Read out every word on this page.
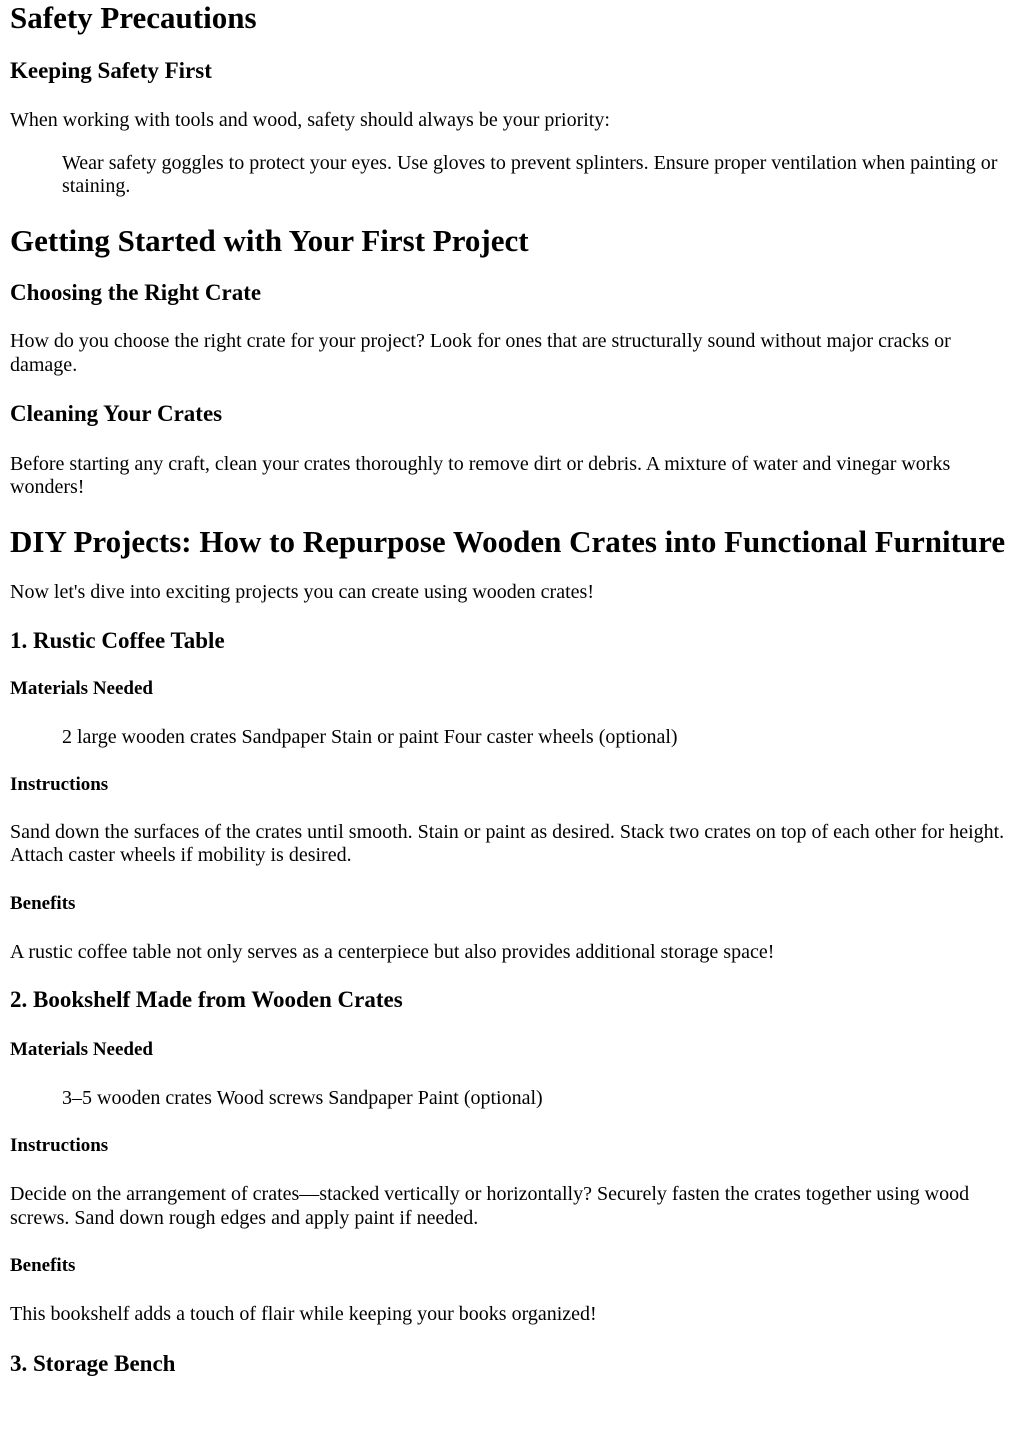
Safety Precautions
Keeping Safety First

When working with tools and wood, safety should always be your priority:

Wear safety goggles to protect your eyes. Use gloves to prevent splinters. Ensure proper ventilation when painting or staining.
Getting Started with Your First Project
Choosing the Right Crate

How do you choose the right crate for your project? Look for ones that are structurally sound without major cracks or damage.

Cleaning Your Crates

Before starting any craft, clean your crates thoroughly to remove dirt or debris. A mixture of water and vinegar works wonders!

DIY Projects: How to Repurpose Wooden Crates into Functional Furniture

Now let's dive into exciting projects you can create using wooden crates!

1. Rustic Coffee Table
Materials Needed
2 large wooden crates Sandpaper Stain or paint Four caster wheels (optional)
Instructions

Sand down the surfaces of the crates until smooth. Stain or paint as desired. Stack two crates on top of each other for height. Attach caster wheels if mobility is desired.

Benefits

A rustic coffee table not only serves as a centerpiece but also provides additional storage space!

2. Bookshelf Made from Wooden Crates
Materials Needed
3–5 wooden crates Wood screws Sandpaper Paint (optional)
Instructions

Decide on the arrangement of crates—stacked vertically or horizontally? Securely fasten the crates together using wood screws. Sand down rough edges and apply paint if needed.

Benefits

This bookshelf adds a touch of flair while keeping your books organized!

3. Storage Bench
